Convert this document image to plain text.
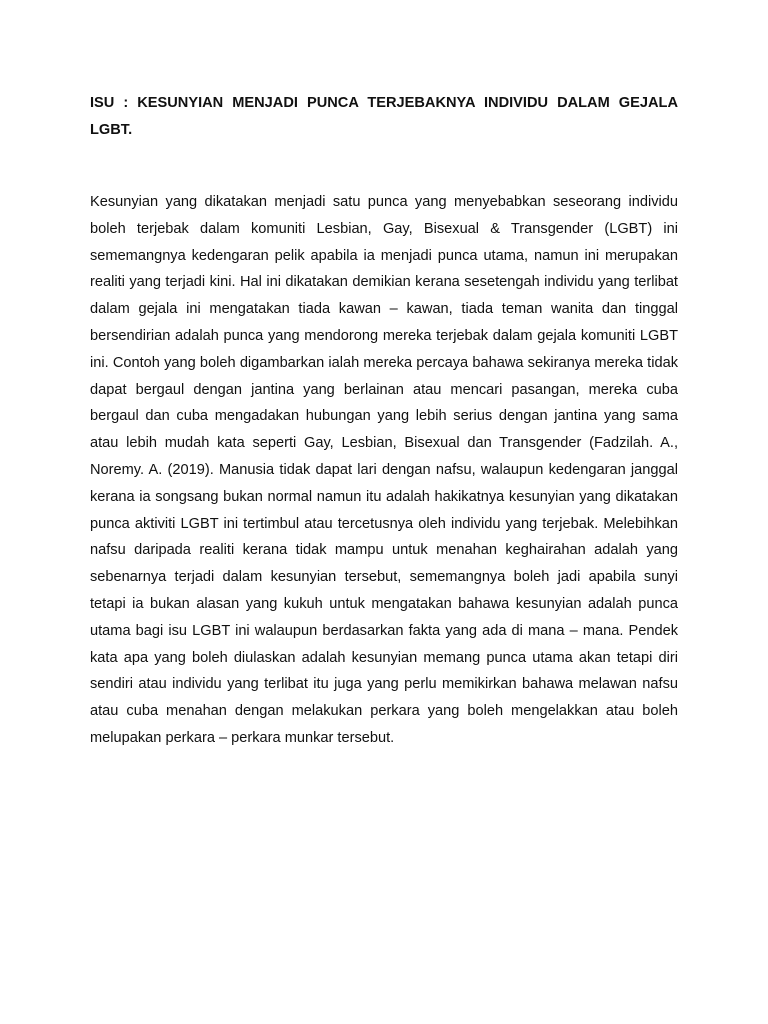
ISU : KESUNYIAN MENJADI PUNCA TERJEBAKNYA INDIVIDU DALAM GEJALA LGBT.

Kesunyian yang dikatakan menjadi satu punca yang menyebabkan seseorang individu boleh terjebak dalam komuniti Lesbian, Gay, Bisexual & Transgender (LGBT) ini sememangnya kedengaran pelik apabila ia menjadi punca utama, namun ini merupakan realiti yang terjadi kini. Hal ini dikatakan demikian kerana sesetengah individu yang terlibat dalam gejala ini mengatakan tiada kawan – kawan, tiada teman wanita dan tinggal bersendirian adalah punca yang mendorong mereka terjebak dalam gejala komuniti LGBT ini. Contoh yang boleh digambarkan ialah mereka percaya bahawa sekiranya mereka tidak dapat bergaul dengan jantina yang berlainan atau mencari pasangan, mereka cuba bergaul dan cuba mengadakan hubungan yang lebih serius dengan jantina yang sama atau lebih mudah kata seperti Gay, Lesbian, Bisexual dan Transgender (Fadzilah. A., Noremy. A. (2019). Manusia tidak dapat lari dengan nafsu, walaupun kedengaran janggal kerana ia songsang bukan normal namun itu adalah hakikatnya kesunyian yang dikatakan punca aktiviti LGBT ini tertimbul atau tercetusnya oleh individu yang terjebak. Melebihkan nafsu daripada realiti kerana tidak mampu untuk menahan keghairahan adalah yang sebenarnya terjadi dalam kesunyian tersebut, sememangnya boleh jadi apabila sunyi tetapi ia bukan alasan yang kukuh untuk mengatakan bahawa kesunyian adalah punca utama bagi isu LGBT ini walaupun berdasarkan fakta yang ada di mana – mana. Pendek kata apa yang boleh diulaskan adalah kesunyian memang punca utama akan tetapi diri sendiri atau individu yang terlibat itu juga yang perlu memikirkan bahawa melawan nafsu atau cuba menahan dengan melakukan perkara yang boleh mengelakkan atau boleh melupakan perkara – perkara munkar tersebut.
